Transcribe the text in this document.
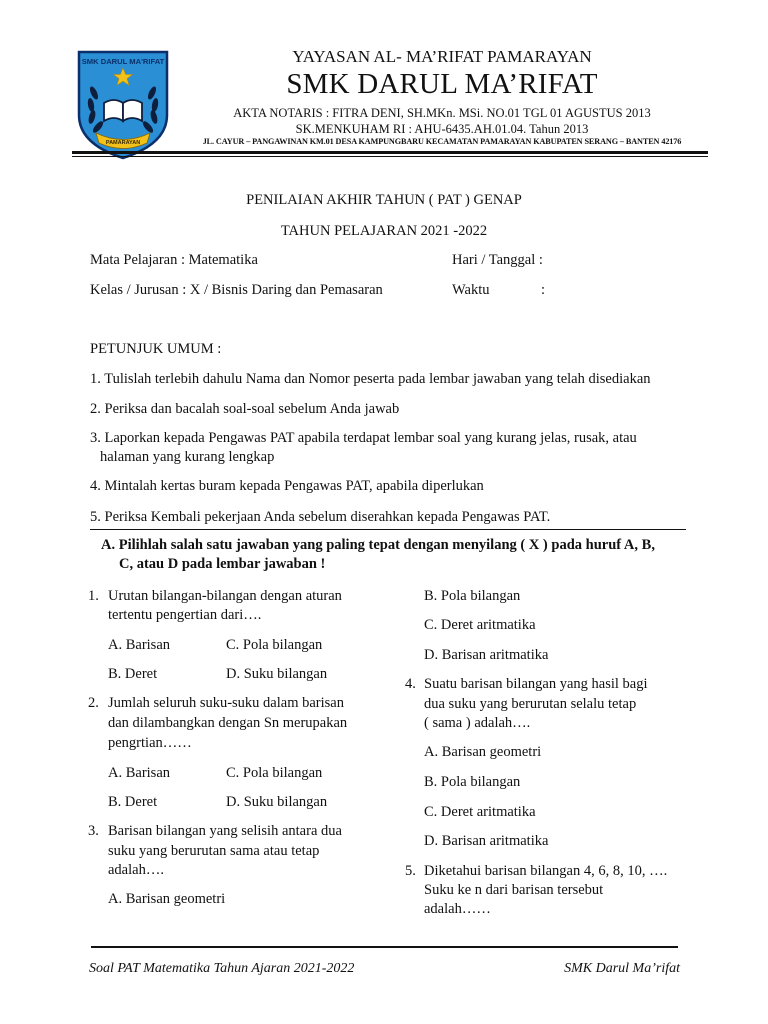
SMK DARUL MA'RIFAT
PAMARAYAN
YAYASAN AL- MA’RIFAT PAMARAYAN
SMK DARUL MA’RIFAT
AKTA NOTARIS : FITRA DENI, SH.MKn. MSi. NO.01 TGL 01 AGUSTUS 2013
SK.MENKUHAM RI : AHU-6435.AH.01.04. Tahun 2013
JL. CAYUR – PANGAWINAN KM.01 DESA KAMPUNGBARU KECAMATAN PAMARAYAN KABUPATEN SERANG – BANTEN 42176
PENILAIAN AKHIR TAHUN ( PAT ) GENAP
TAHUN PELAJARAN 2021 -2022
Mata Pelajaran : Matematika
Kelas / Jurusan : X / Bisnis Daring dan Pemasaran
Hari / Tanggal :
Waktu	:
PETUNJUK UMUM :
1. Tulislah terlebih dahulu Nama dan Nomor peserta pada lembar jawaban yang telah disediakan
2. Periksa dan bacalah soal-soal sebelum Anda jawab
3. Laporkan kepada Pengawas PAT apabila terdapat lembar soal yang kurang jelas, rusak, atau
halaman yang kurang lengkap
4. Mintalah kertas buram kepada Pengawas PAT, apabila diperlukan
5. Periksa Kembali pekerjaan Anda sebelum diserahkan kepada Pengawas PAT.
A. Pilihlah salah satu jawaban yang paling tepat dengan menyilang ( X ) pada huruf A, B,
C, atau D pada lembar jawaban !
1. Urutan bilangan-bilangan dengan aturan
tertentu pengertian dari….
A. Barisan	C. Pola bilangan
B. Deret	D. Suku bilangan
2. Jumlah seluruh suku-suku dalam barisan
dan dilambangkan dengan Sn merupakan
pengrtian……
A. Barisan	C. Pola bilangan
B. Deret	D. Suku bilangan
3. Barisan bilangan yang selisih antara dua
suku yang berurutan sama atau tetap
adalah….
A. Barisan geometri
B. Pola bilangan
C. Deret aritmatika
D. Barisan aritmatika
4. Suatu barisan bilangan yang hasil bagi
dua suku yang berurutan selalu tetap
( sama ) adalah….
A. Barisan geometri
B. Pola bilangan
C. Deret aritmatika
D. Barisan aritmatika
5. Diketahui barisan bilangan 4, 6, 8, 10, ….
Suku ke n dari barisan tersebut
adalah……
Soal PAT Matematika Tahun Ajaran 2021-2022	SMK Darul Ma’rifat
